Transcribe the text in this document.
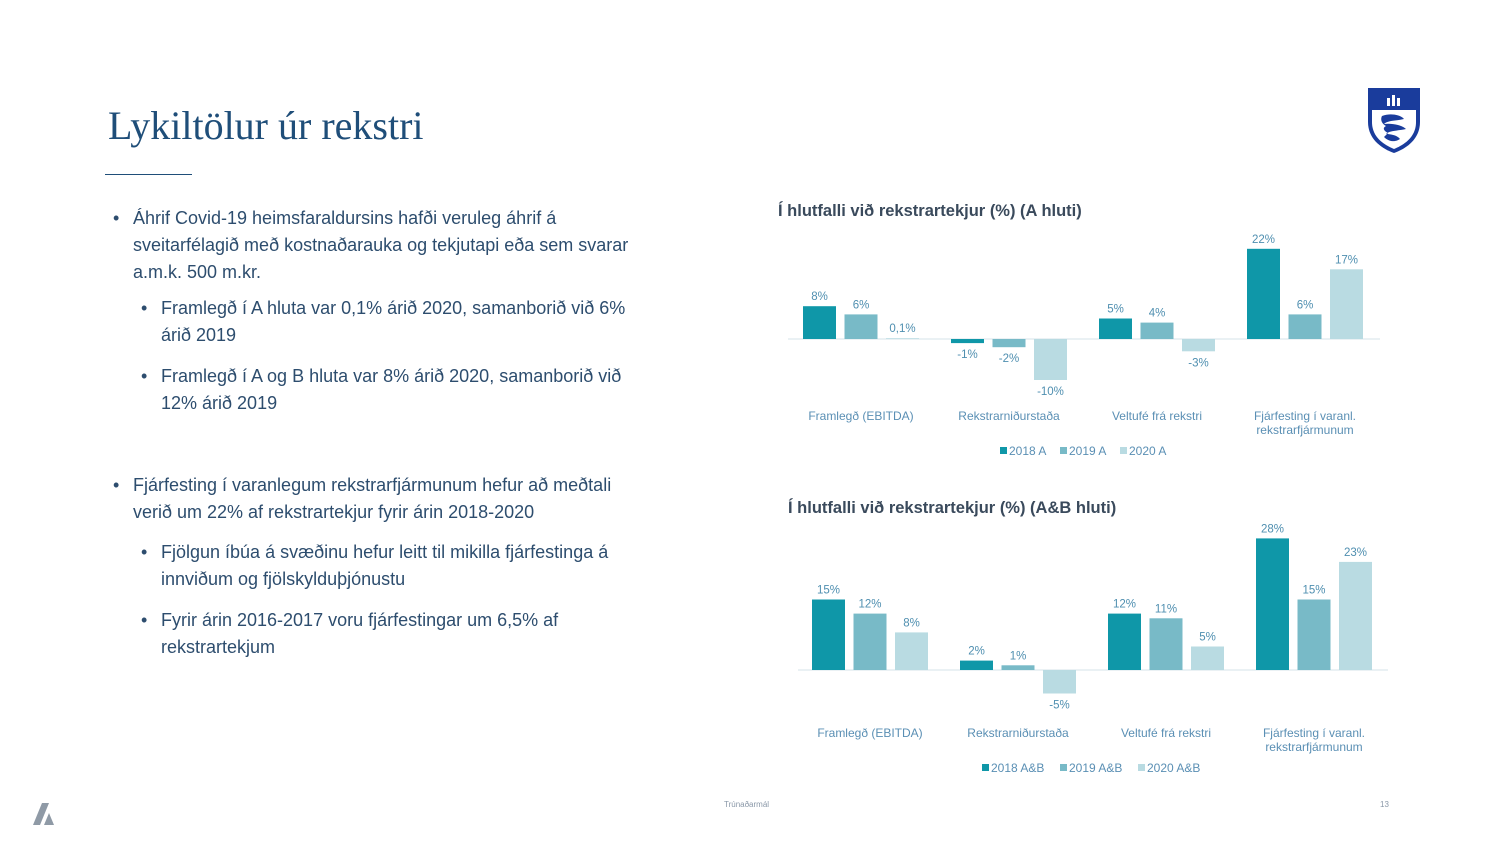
Lykiltölur úr rekstri
• Áhrif Covid-19 heimsfaraldursins hafði veruleg áhrif á sveitarfélagið með kostnaðarauka og tekjutapi eða sem svarar a.m.k. 500 m.kr.
• Framlegð í A hluta var 0,1% árið 2020, samanborið við 6% árið 2019
• Framlegð í A og B hluta var 8% árið 2020, samanborið við 12% árið 2019
• Fjárfesting í varanlegum rekstrarfjármunum hefur að meðtali verið um 22% af rekstrartekjur fyrir árin 2018-2020
• Fjölgun íbúa á svæðinu hefur leitt til mikilla fjárfestinga á innviðum og fjölskylduþjónustu
• Fyrir árin 2016-2017 voru fjárfestingar um 6,5% af rekstrartekjum
Í hlutfalli við rekstrartekjur (%) (A hluti)
8%
6%
0,1%
Framlegð (EBITDA)
-1% -2%
-10%
Rekstrarniðurstaða
5% 4%
-3%
Veltufé frá rekstri
22%
6%
17%
Fjárfesting í varanl.
rekstrarfjármunum
2018 A 2019 A 2020 A
Í hlutfalli við rekstrartekjur (%) (A&B hluti)
15%
12%
8%
Framlegð (EBITDA)
2% 1%
-5%
Rekstrarniðurstaða
12% 11%
5%
Veltufé frá rekstri
28%
15%
23%
Fjárfesting í varanl.
rekstrarfjármunum
2018 A&B 2019 A&B 2020 A&B
Trúnaðarmál	13
